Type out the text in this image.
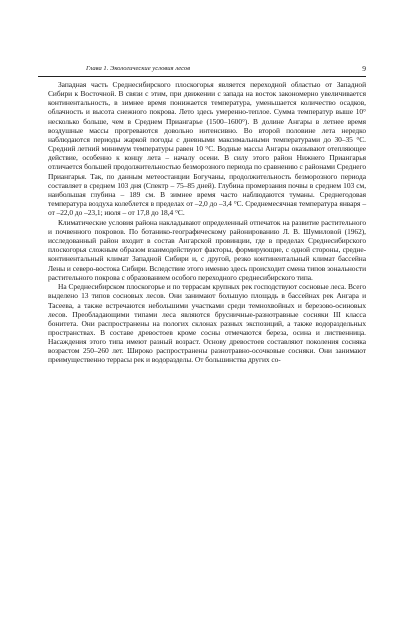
Глава 1. Экологические условия лесов	9

Западная часть Среднесибирского плоскогорья является переходной областью от Западной Сибири к Восточной. В связи с этим, при движении с запада на восток закономерно увеличивается континентальность, в зимнее время понижается температура, уменьшается количество осадков, облачность и высота снежного покрова. Лето здесь умеренно-теплое. Сумма температур выше 10° несколько больше, чем в Среднем Приангарье (1500–1600°). В долине Ангары в летнее время воздушные массы прогреваются довольно интенсивно. Во второй половине лета нередко наблюдаются периоды жаркой погоды с дневными максимальными температурами до 30–35 °С. Средний летний минимум температуры равен 10 °С. Водные массы Ангары оказывают отепляющее действие, особенно к концу лета – началу осени. В силу этого район Нижнего Приангарья отличается большей продолжительностью безморозного периода по сравнению с районами Среднего Приангарья. Так, по данным метеостанции Богучаны, продолжительность безморозного периода составляет в среднем 103 дня (Спектр – 75–85 дней). Глубина промерзания почвы в среднем 103 см, наибольшая глубина – 189 см. В зимнее время часто наблюдаются туманы. Среднегодовая температура воздуха колеблется в пределах от –2,0 до –3,4 °С. Среднемесячная температура января – от –22,0 до –23,1; июля – от 17,8 до 18,4 °С.

Климатические условия района накладывают определенный отпечаток на развитие растительного и почвенного покровов. По ботанико-географическому районированию Л. В. Шумиловой (1962), исследованный район входит в состав Ангарской провинции, где в пределах Среднесибирского плоскогорья сложным образом взаимодействуют факторы, формирующие, с одной стороны, средне-континентальный климат Западной Сибири и, с другой, резко континентальный климат бассейна Лены и северо-востока Сибири. Вследствие этого именно здесь происходит смена типов зональности растительного покрова с образованием особого переходного среднесибирского типа.

На Среднесибирском плоскогорье и по террасам крупных рек господствуют сосновые леса. Всего выделено 13 типов сосновых лесов. Они занимают большую площадь в бассейнах рек Ангара и Тасеева, а также встречаются небольшими участками среди темнохвойных и березово-осиновых лесов. Преобладающими типами леса являются брусничные-разнотравные сосняки III класса бонитета. Они распространены на пологих склонах разных экспозиций, а также водораздельных пространствах. В составе древостоев кроме сосны отмечаются береза, осина и лиственница. Насаждения этого типа имеют разный возраст. Основу древостоев составляют поколения сосняка возрастом 250–260 лет. Широко распространены разнотравно-осочковые сосняки. Они занимают преимущественно террасы рек и водоразделы. От большинства других со-
